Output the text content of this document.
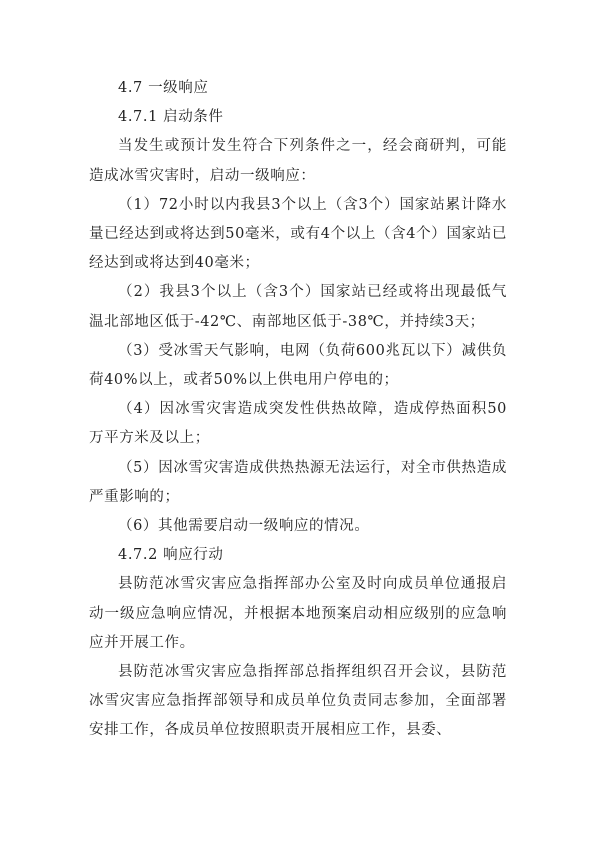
4.7 一级响应

4.7.1 启动条件

当发生或预计发生符合下列条件之一，经会商研判，可能造成冰雪灾害时，启动一级响应：

（1）72小时以内我县3个以上（含3个）国家站累计降水量已经达到或将达到50毫米，或有4个以上（含4个）国家站已经达到或将达到40毫米；

（2）我县3个以上（含3个）国家站已经或将出现最低气温北部地区低于-42℃、南部地区低于-38℃，并持续3天；

（3）受冰雪天气影响，电网（负荷600兆瓦以下）减供负荷40%以上，或者50%以上供电用户停电的；

（4）因冰雪灾害造成突发性供热故障，造成停热面积50万平方米及以上；

（5）因冰雪灾害造成供热热源无法运行，对全市供热造成严重影响的；

（6）其他需要启动一级响应的情况。

4.7.2 响应行动

县防范冰雪灾害应急指挥部办公室及时向成员单位通报启动一级应急响应情况，并根据本地预案启动相应级别的应急响应并开展工作。

县防范冰雪灾害应急指挥部总指挥组织召开会议，县防范冰雪灾害应急指挥部领导和成员单位负责同志参加，全面部署安排工作，各成员单位按照职责开展相应工作，县委、
